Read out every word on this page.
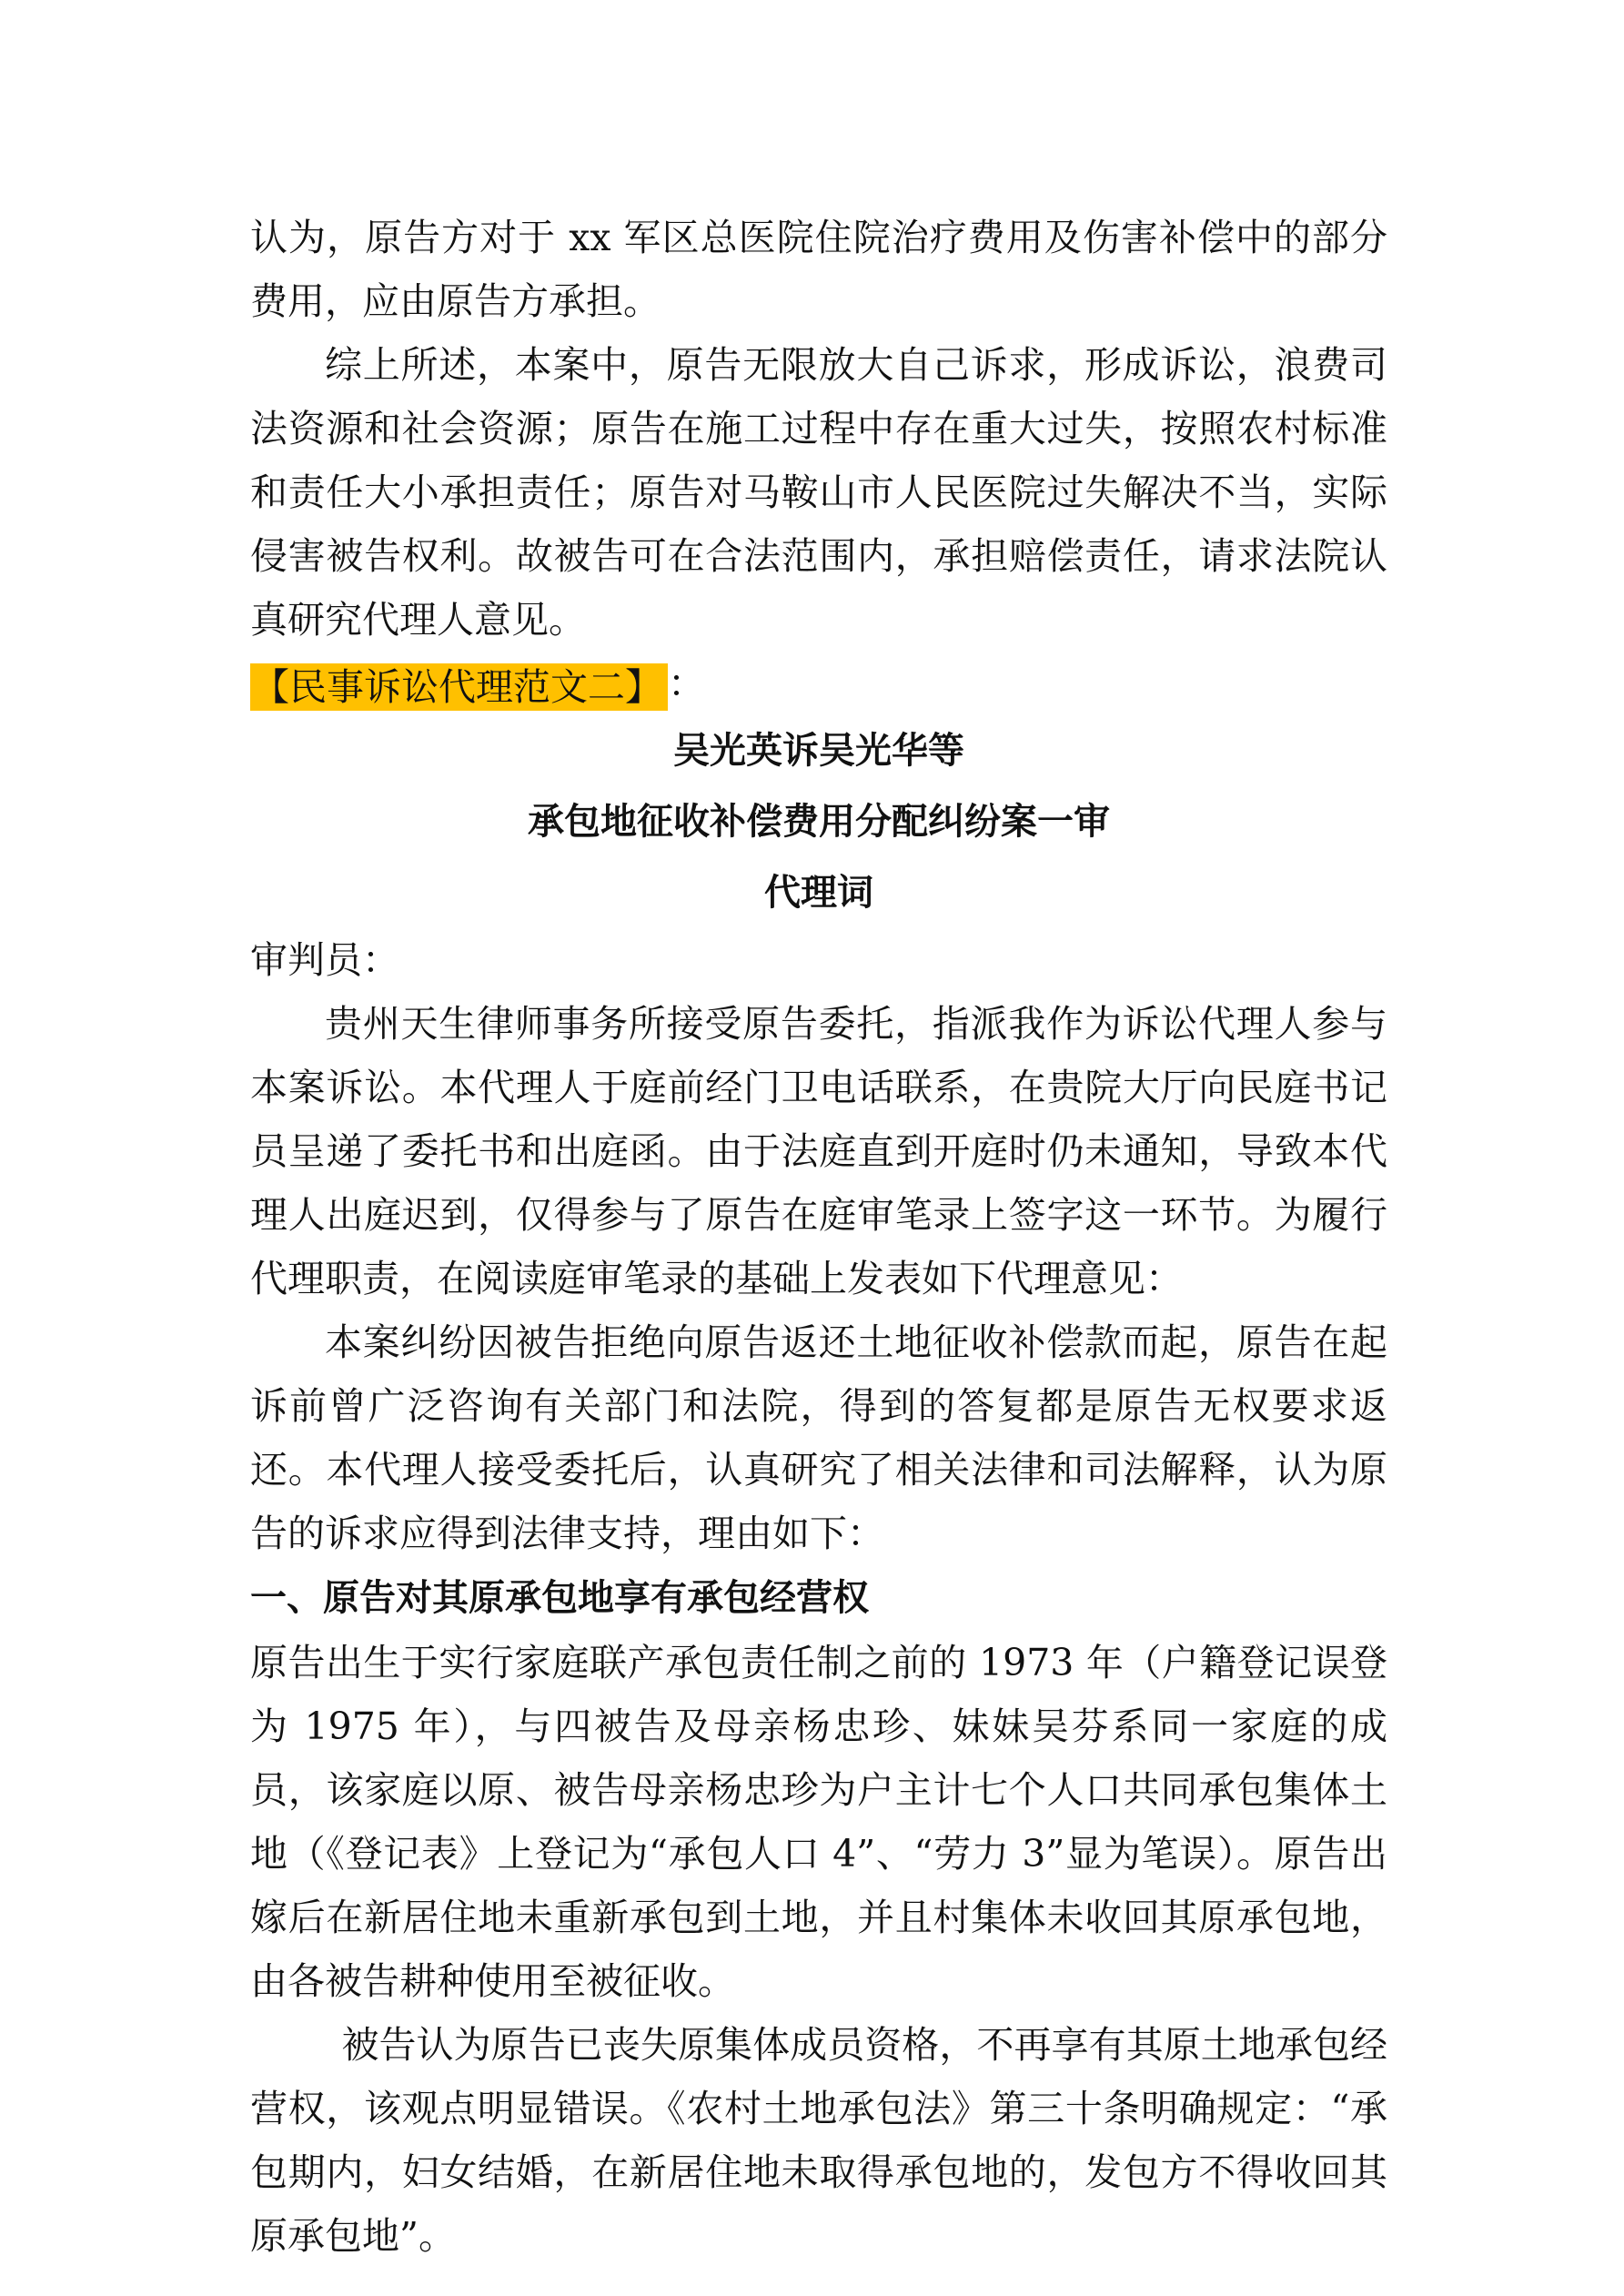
认为，原告方对于 xx 军区总医院住院治疗费用及伤害补偿中的部分费用，应由原告方承担。

综上所述，本案中，原告无限放大自己诉求，形成诉讼，浪费司法资源和社会资源；原告在施工过程中存在重大过失，按照农村标准和责任大小承担责任；原告对马鞍山市人民医院过失解决不当，实际侵害被告权利。故被告可在合法范围内，承担赔偿责任，请求法院认真研究代理人意见。

【民事诉讼代理范文二】 ：

吴光英诉吴光华等

承包地征收补偿费用分配纠纷案一审

代理词

审判员：

贵州天生律师事务所接受原告委托，指派我作为诉讼代理人参与本案诉讼。本代理人于庭前经门卫电话联系，在贵院大厅向民庭书记员呈递了委托书和出庭函。由于法庭直到开庭时仍未通知，导致本代理人出庭迟到，仅得参与了原告在庭审笔录上签字这一环节。为履行代理职责，在阅读庭审笔录的基础上发表如下代理意见：

本案纠纷因被告拒绝向原告返还土地征收补偿款而起，原告在起诉前曾广泛咨询有关部门和法院，得到的答复都是原告无权要求返还。本代理人接受委托后，认真研究了相关法律和司法解释，认为原告的诉求应得到法律支持，理由如下：

一、原告对其原承包地享有承包经营权

原告出生于实行家庭联产承包责任制之前的 1973 年（户籍登记误登为 1975 年），与四被告及母亲杨忠珍、妹妹吴芬系同一家庭的成员，该家庭以原、被告母亲杨忠珍为户主计七个人口共同承包集体土地（《登记表》上登记为“承包人口 4”、“劳力 3”显为笔误）。原告出嫁后在新居住地未重新承包到土地，并且村集体未收回其原承包地，由各被告耕种使用至被征收。

被告认为原告已丧失原集体成员资格，不再享有其原土地承包经营权，该观点明显错误。《农村土地承包法》第三十条明确规定：“承包期内，妇女结婚，在新居住地未取得承包地的，发包方不得收回其原承包地”。
